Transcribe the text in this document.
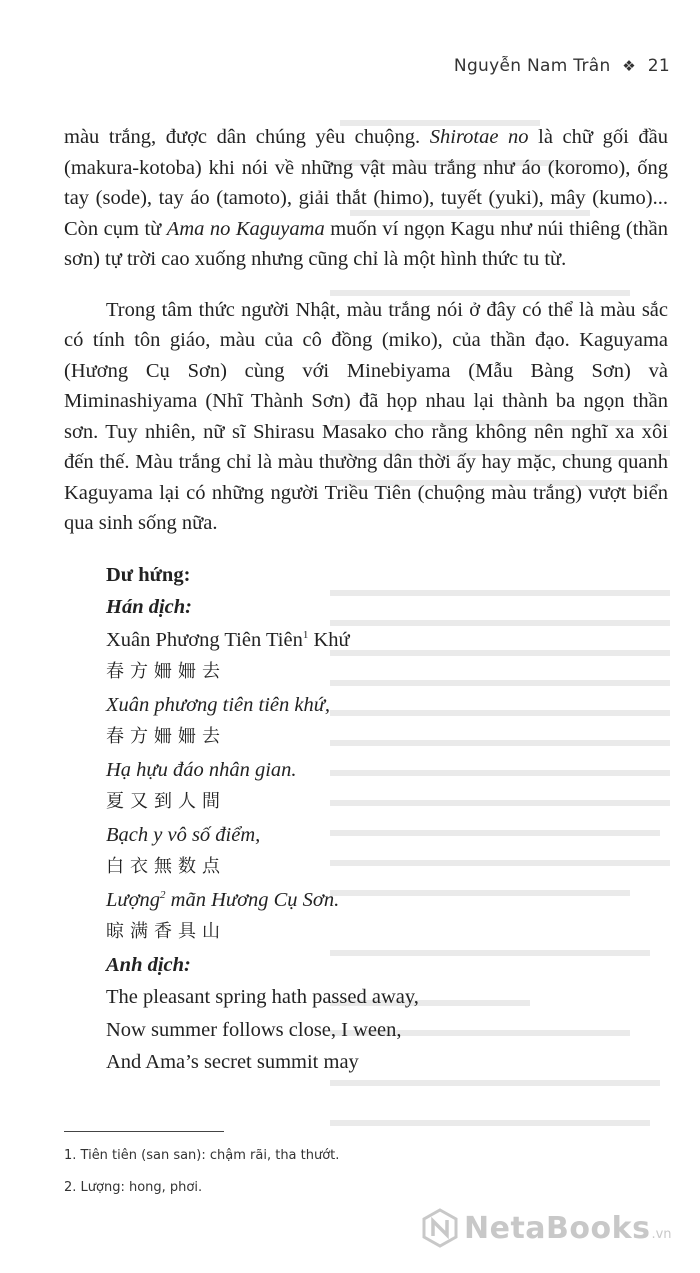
Nguyễn Nam Trân ❖ 21

màu trắng, được dân chúng yêu chuộng. Shirotae no là chữ gối đầu (makura-kotoba) khi nói về những vật màu trắng như áo (koromo), ống tay (sode), tay áo (tamoto), giải thắt (himo), tuyết (yuki), mây (kumo)... Còn cụm từ Ama no Kaguyama muốn ví ngọn Kagu như núi thiêng (thần sơn) tự trời cao xuống nhưng cũng chỉ là một hình thức tu từ.

Trong tâm thức người Nhật, màu trắng nói ở đây có thể là màu sắc có tính tôn giáo, màu của cô đồng (miko), của thần đạo. Kaguyama (Hương Cụ Sơn) cùng với Minebiyama (Mẫu Bàng Sơn) và Miminashiyama (Nhĩ Thành Sơn) đã họp nhau lại thành ba ngọn thần sơn. Tuy nhiên, nữ sĩ Shirasu Masako cho rằng không nên nghĩ xa xôi đến thế. Màu trắng chỉ là màu thường dân thời ấy hay mặc, chung quanh Kaguyama lại có những người Triều Tiên (chuộng màu trắng) vượt biển qua sinh sống nữa.

Dư hứng:
Hán dịch:
Xuân Phương Tiên Tiên$^1$ Khứ
春方姍姍去
Xuân phương tiên tiên khứ,
春方姍姍去
Hạ hựu đáo nhân gian.
夏又到人間
Bạch y vô số điểm,
白衣無数点
Lượng$^2$ mãn Hương Cụ Sơn.
晾满香具山
Anh dịch:
The pleasant spring hath passed away,
Now summer follows close, I ween,
And Ama’s secret summit may
1. Tiên tiên (san san): chậm rãi, tha thướt.
2. Lượng: hong, phơi.
NetaBooks .vn
